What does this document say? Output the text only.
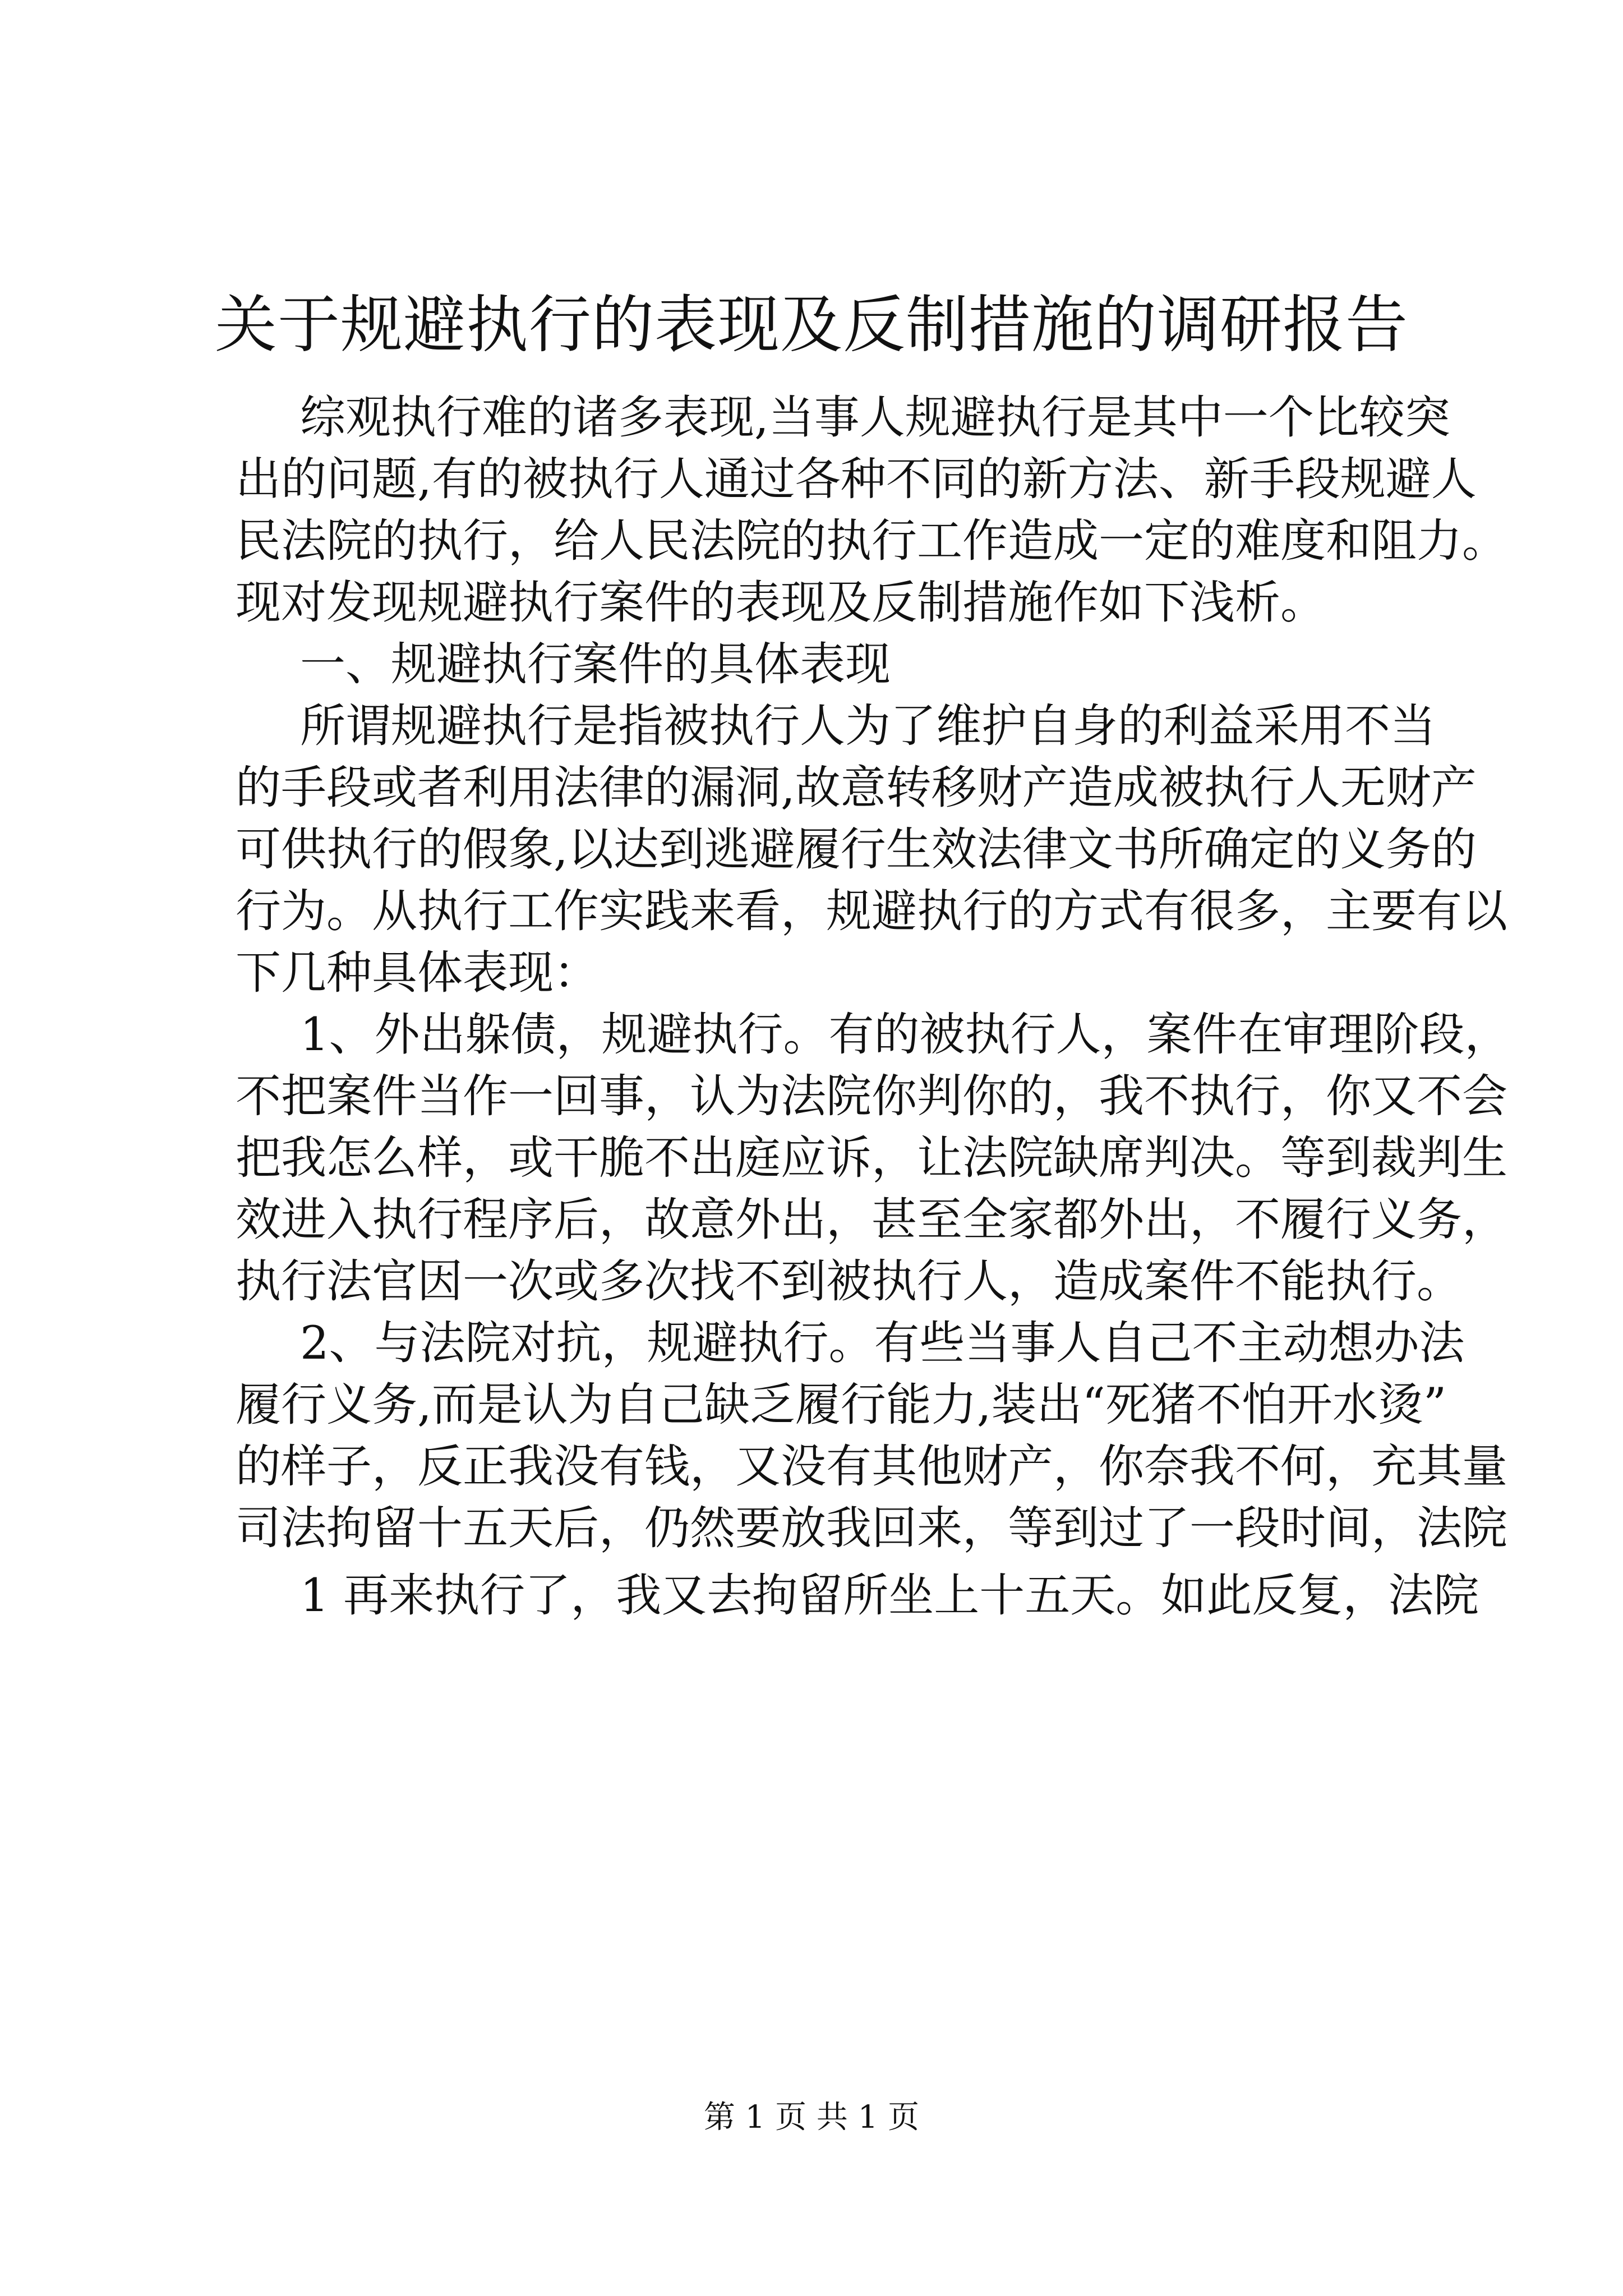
关于规避执行的表现及反制措施的调研报告
综观执行难的诸多表现,当事人规避执行是其中一个比较突
出的问题,有的被执行人通过各种不同的新方法、新手段规避人
民法院的执行，给人民法院的执行工作造成一定的难度和阻力。
现对发现规避执行案件的表现及反制措施作如下浅析。
一、规避执行案件的具体表现
所谓规避执行是指被执行人为了维护自身的利益采用不当
的手段或者利用法律的漏洞,故意转移财产造成被执行人无财产
可供执行的假象,以达到逃避履行生效法律文书所确定的义务的
行为。从执行工作实践来看，规避执行的方式有很多，主要有以
下几种具体表现：
1、外出躲债，规避执行。有的被执行人，案件在审理阶段，
不把案件当作一回事，认为法院你判你的，我不执行，你又不会
把我怎么样，或干脆不出庭应诉，让法院缺席判决。等到裁判生
效进入执行程序后，故意外出，甚至全家都外出，不履行义务，
执行法官因一次或多次找不到被执行人，造成案件不能执行。
2、与法院对抗，规避执行。有些当事人自己不主动想办法
履行义务,而是认为自己缺乏履行能力,装出“死猪不怕开水烫”
的样子，反正我没有钱，又没有其他财产，你奈我不何，充其量
司法拘留十五天后，仍然要放我回来，等到过了一段时间，法院
1 再来执行了，我又去拘留所坐上十五天。如此反复，法院
第 1 页 共 1 页
